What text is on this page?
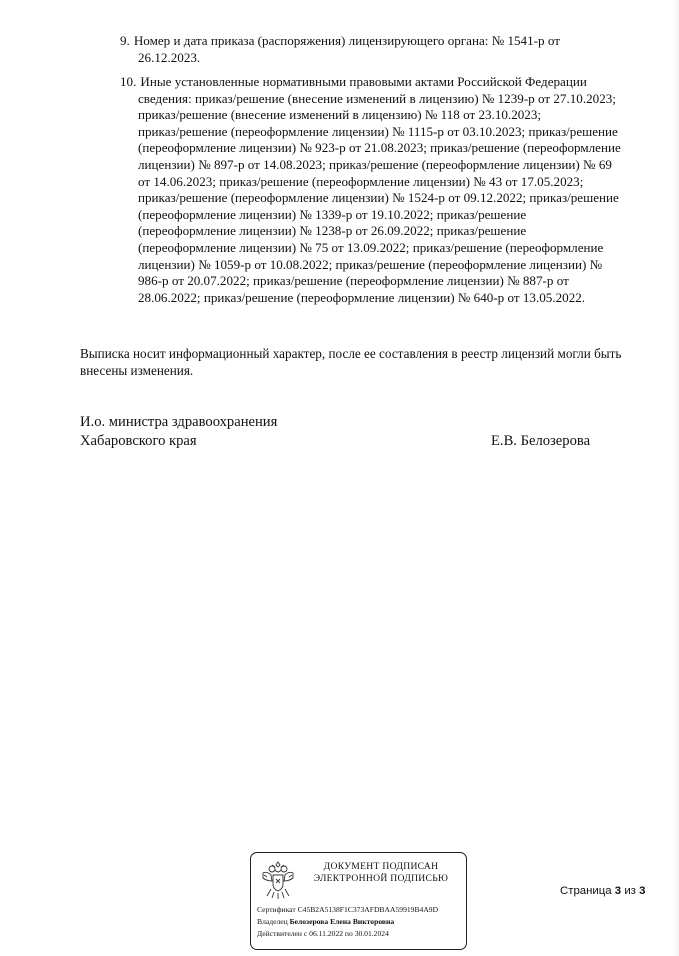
9. Номер и дата приказа (распоряжения) лицензирующего органа: № 1541-р от
26.12.2023.
10. Иные установленные нормативными правовыми актами Российской Федерации
сведения: приказ/решение (внесение изменений в лицензию) № 1239-р от 27.10.2023;
приказ/решение (внесение изменений в лицензию) № 118 от 23.10.2023;
приказ/решение (переоформление лицензии) № 1115-р от 03.10.2023; приказ/решение
(переоформление лицензии) № 923-р от 21.08.2023; приказ/решение (переоформление
лицензии) № 897-р от 14.08.2023; приказ/решение (переоформление лицензии) № 69
от 14.06.2023; приказ/решение (переоформление лицензии) № 43 от 17.05.2023;
приказ/решение (переоформление лицензии) № 1524-р от 09.12.2022; приказ/решение
(переоформление лицензии) № 1339-р от 19.10.2022; приказ/решение
(переоформление лицензии) № 1238-р от 26.09.2022; приказ/решение
(переоформление лицензии) № 75 от 13.09.2022; приказ/решение (переоформление
лицензии) № 1059-р от 10.08.2022; приказ/решение (переоформление лицензии) №
986-р от 20.07.2022; приказ/решение (переоформление лицензии) № 887-р от
28.06.2022; приказ/решение (переоформление лицензии) № 640-р от 13.05.2022.
Выписка носит информационный характер, после ее составления в реестр лицензий могли быть
внесены изменения.
И.о. министра здравоохранения
Хабаровского края	Е.В. Белозерова
ДОКУМЕНТ ПОДПИСАН
ЭЛЕКТРОННОЙ ПОДПИСЬЮ
Сертификат C45B2A5138F1C373AFDBAA59919B4A9D
Владелец Белозерова Елена Викторовна
Действителен с 06.11.2022 по 30.01.2024
Страница 3 из 3
